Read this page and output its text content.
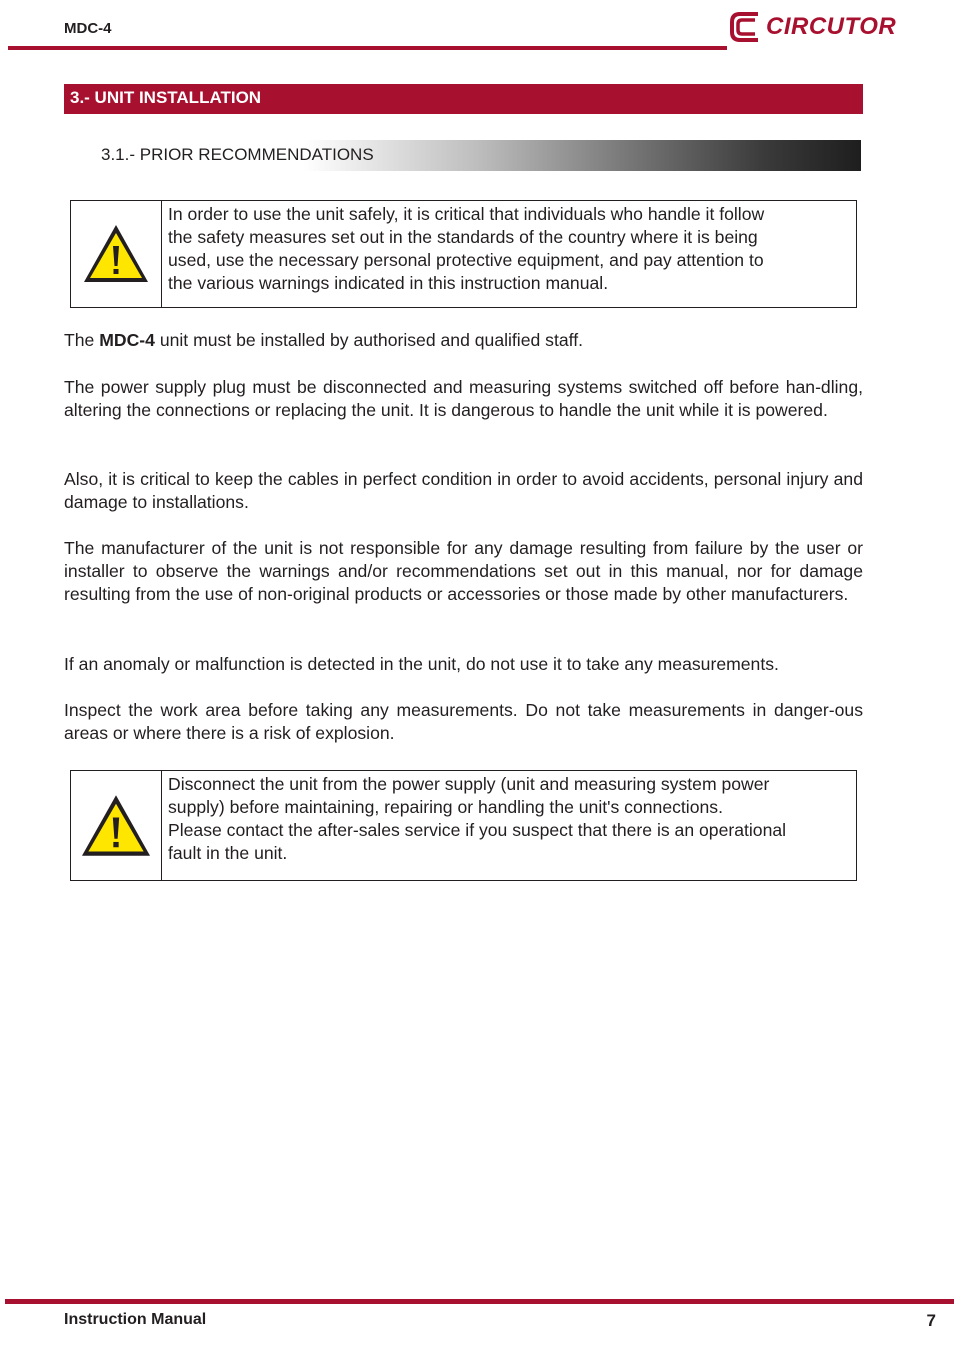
MDC-4	CIRCUTOR
3.- UNIT INSTALLATION
3.1.- PRIOR RECOMMENDATIONS
In order to use the unit safely, it is critical that individuals who handle it follow
the safety measures set out in the standards of the country where it is being
used, use the necessary personal protective equipment, and pay attention to
the various warnings indicated in this instruction manual.
The MDC-4 unit must be installed by authorised and qualified staff.
The power supply plug must be disconnected and measuring systems switched off before han-dling, altering the connections or replacing the unit. It is dangerous to handle the unit while it is powered.
Also, it is critical to keep the cables in perfect condition in order to avoid accidents, personal injury and damage to installations.
The manufacturer of the unit is not responsible for any damage resulting from failure by the user or installer to observe the warnings and/or recommendations set out in this manual, nor for damage resulting from the use of non-original products or accessories or those made by other manufacturers.
If an anomaly or malfunction is detected in the unit, do not use it to take any measurements.
Inspect the work area before taking any measurements. Do not take measurements in danger-ous areas or where there is a risk of explosion.
Disconnect the unit from the power supply (unit and measuring system power
supply) before maintaining, repairing or handling the unit's connections.
Please contact the after-sales service if you suspect that there is an operational
fault in the unit.
Instruction Manual	7
